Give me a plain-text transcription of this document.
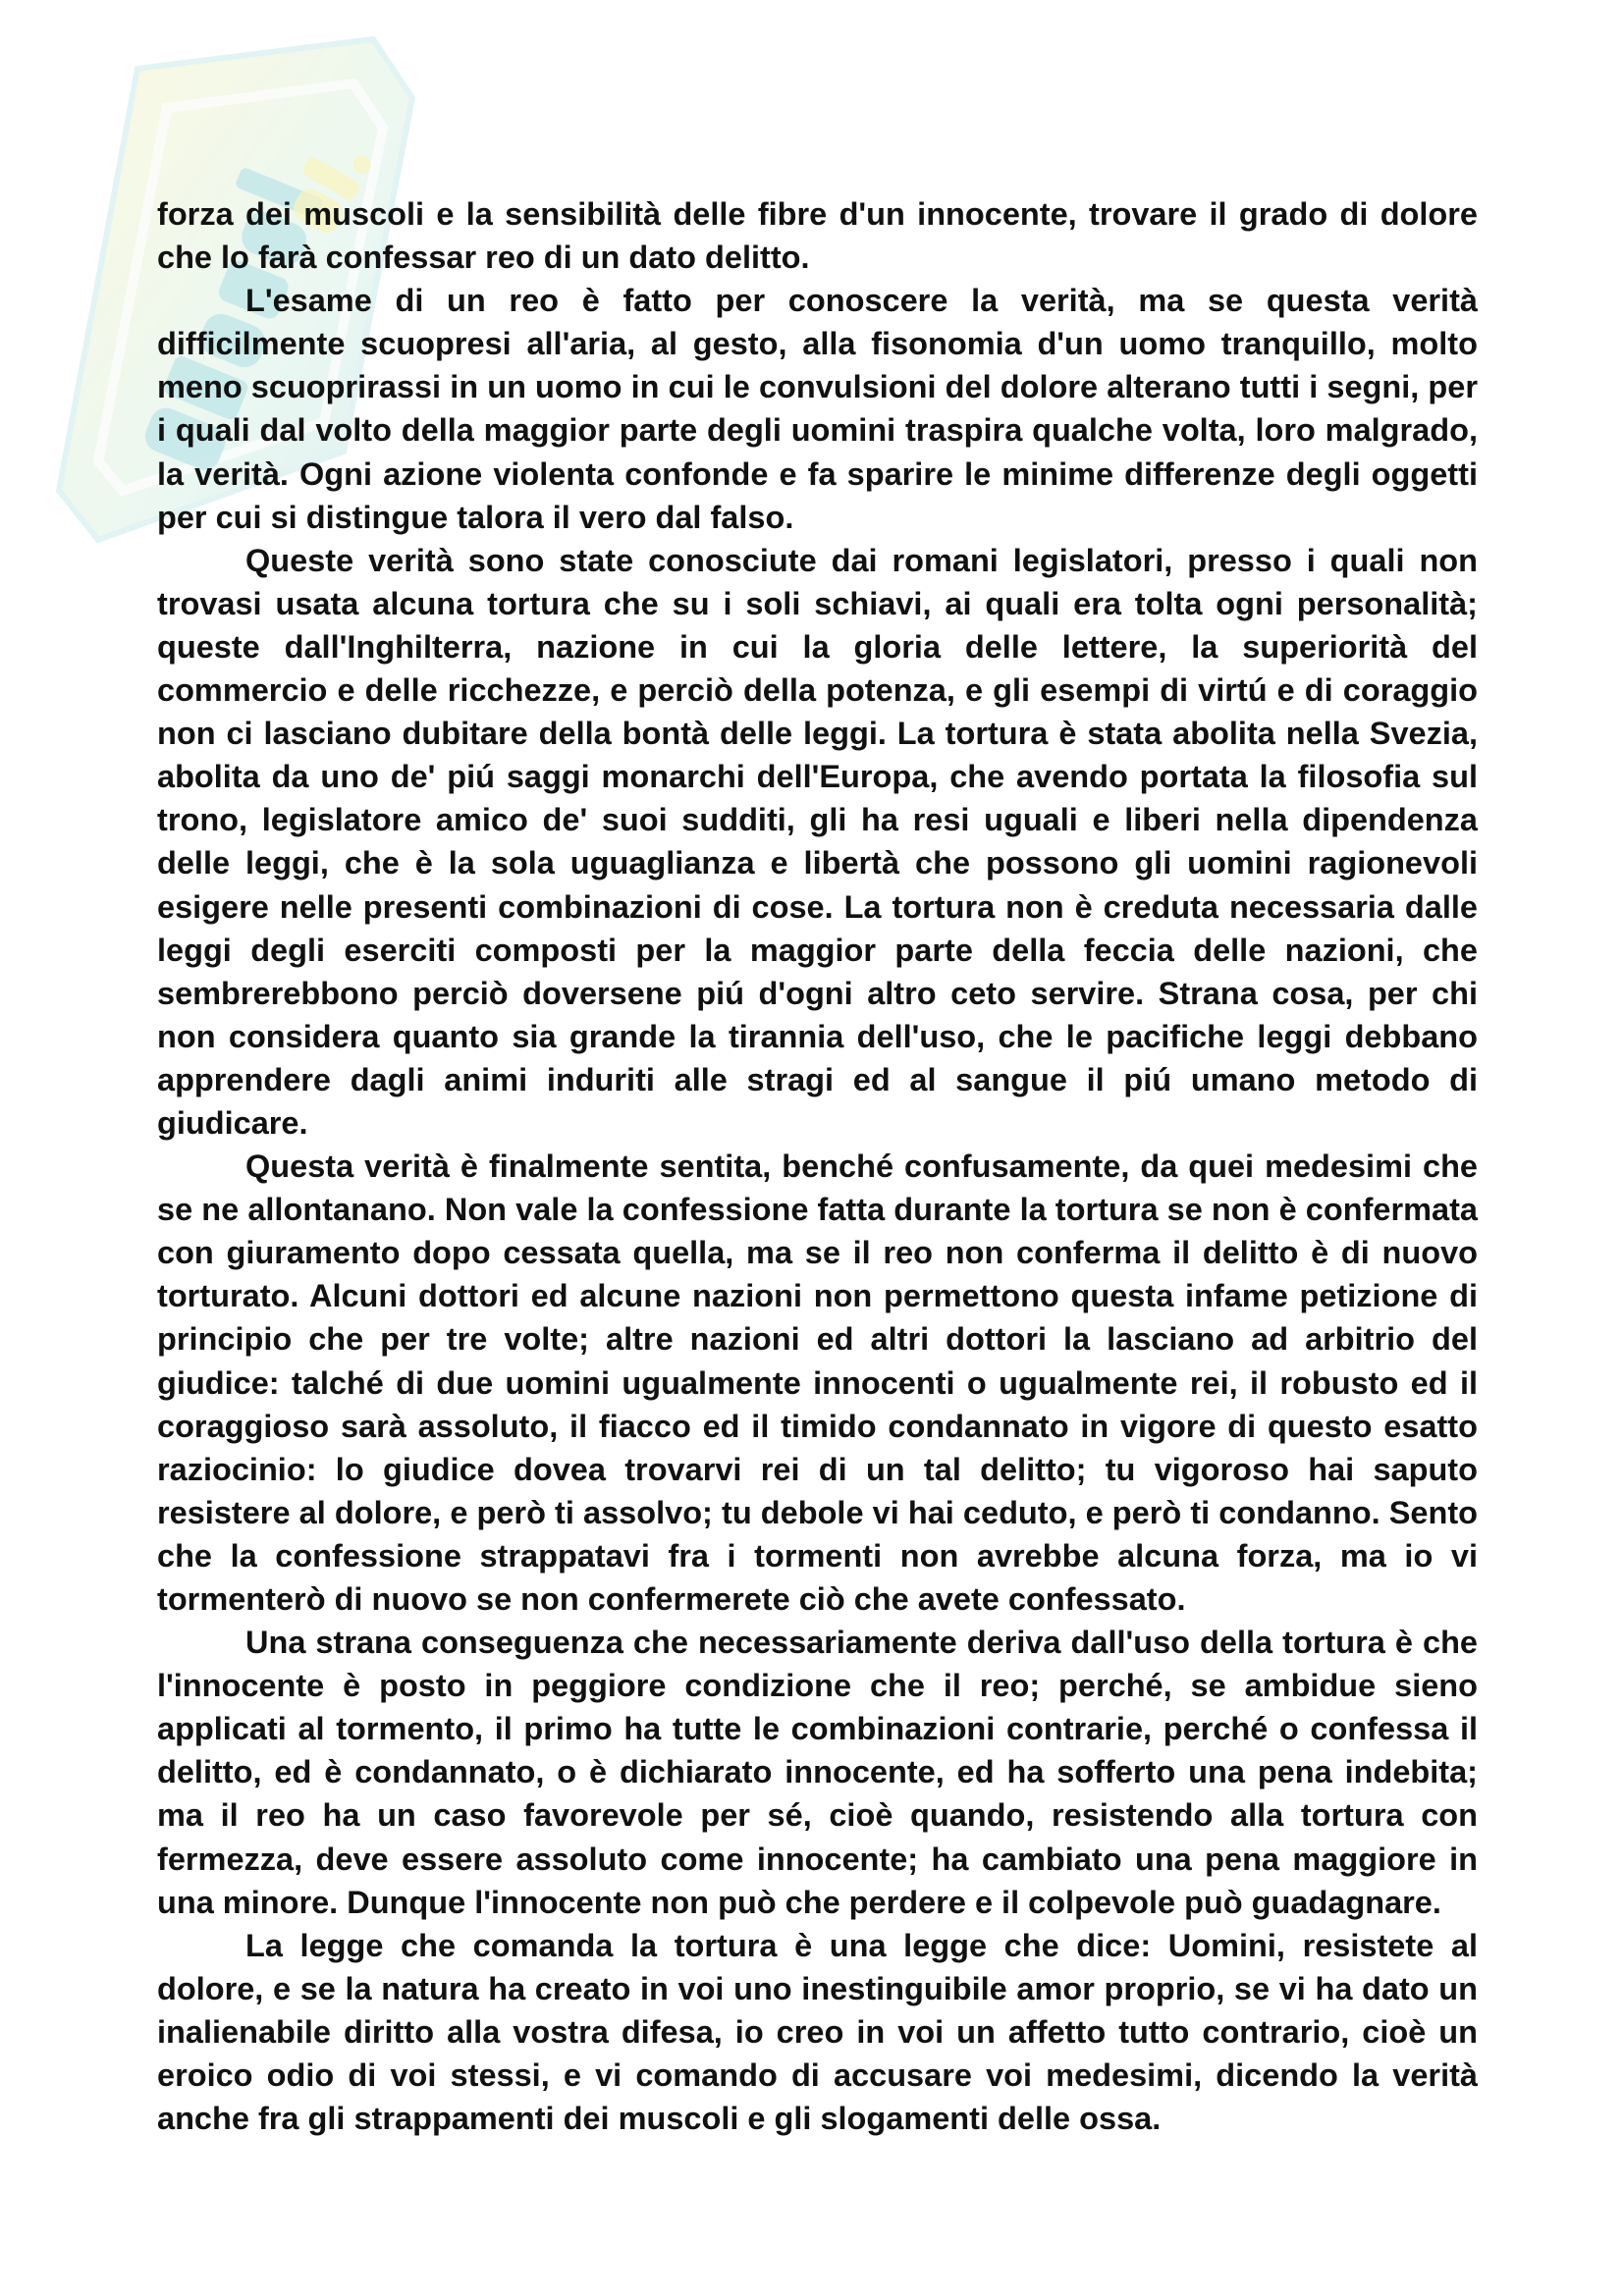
forza dei muscoli e la sensibilità delle fibre d'un innocente, trovare il grado di dolore che lo farà confessar reo di un dato delitto.

L'esame di un reo è fatto per conoscere la verità, ma se questa verità difficilmente scuopresi all'aria, al gesto, alla fisonomia d'un uomo tranquillo, molto meno scuoprirassi in un uomo in cui le convulsioni del dolore alterano tutti i segni, per i quali dal volto della maggior parte degli uomini traspira qualche volta, loro malgrado, la verità. Ogni azione violenta confonde e fa sparire le minime differenze degli oggetti per cui si distingue talora il vero dal falso.

Queste verità sono state conosciute dai romani legislatori, presso i quali non trovasi usata alcuna tortura che su i soli schiavi, ai quali era tolta ogni personalità; queste dall'Inghilterra, nazione in cui la gloria delle lettere, la superiorità del commercio e delle ricchezze, e perciò della potenza, e gli esempi di virtú e di coraggio non ci lasciano dubitare della bontà delle leggi. La tortura è stata abolita nella Svezia, abolita da uno de' piú saggi monarchi dell'Europa, che avendo portata la filosofia sul trono, legislatore amico de' suoi sudditi, gli ha resi uguali e liberi nella dipendenza delle leggi, che è la sola uguaglianza e libertà che possono gli uomini ragionevoli esigere nelle presenti combinazioni di cose. La tortura non è creduta necessaria dalle leggi degli eserciti composti per la maggior parte della feccia delle nazioni, che sembrerebbono perciò doversene piú d'ogni altro ceto servire. Strana cosa, per chi non considera quanto sia grande la tirannia dell'uso, che le pacifiche leggi debbano apprendere dagli animi induriti alle stragi ed al sangue il piú umano metodo di giudicare.

Questa verità è finalmente sentita, benché confusamente, da quei medesimi che se ne allontanano. Non vale la confessione fatta durante la tortura se non è confermata con giuramento dopo cessata quella, ma se il reo non conferma il delitto è di nuovo torturato. Alcuni dottori ed alcune nazioni non permettono questa infame petizione di principio che per tre volte; altre nazioni ed altri dottori la lasciano ad arbitrio del giudice: talché di due uomini ugualmente innocenti o ugualmente rei, il robusto ed il coraggioso sarà assoluto, il fiacco ed il timido condannato in vigore di questo esatto raziocinio: lo giudice dovea trovarvi rei di un tal delitto; tu vigoroso hai saputo resistere al dolore, e però ti assolvo; tu debole vi hai ceduto, e però ti condanno. Sento che la confessione strappatavi fra i tormenti non avrebbe alcuna forza, ma io vi tormenterò di nuovo se non confermerete ciò che avete confessato.

Una strana conseguenza che necessariamente deriva dall'uso della tortura è che l'innocente è posto in peggiore condizione che il reo; perché, se ambidue sieno applicati al tormento, il primo ha tutte le combinazioni contrarie, perché o confessa il delitto, ed è condannato, o è dichiarato innocente, ed ha sofferto una pena indebita; ma il reo ha un caso favorevole per sé, cioè quando, resistendo alla tortura con fermezza, deve essere assoluto come innocente; ha cambiato una pena maggiore in una minore. Dunque l'innocente non può che perdere e il colpevole può guadagnare.

La legge che comanda la tortura è una legge che dice: Uomini, resistete al dolore, e se la natura ha creato in voi uno inestinguibile amor proprio, se vi ha dato un inalienabile diritto alla vostra difesa, io creo in voi un affetto tutto contrario, cioè un eroico odio di voi stessi, e vi comando di accusare voi medesimi, dicendo la verità anche fra gli strappamenti dei muscoli e gli slogamenti delle ossa.
